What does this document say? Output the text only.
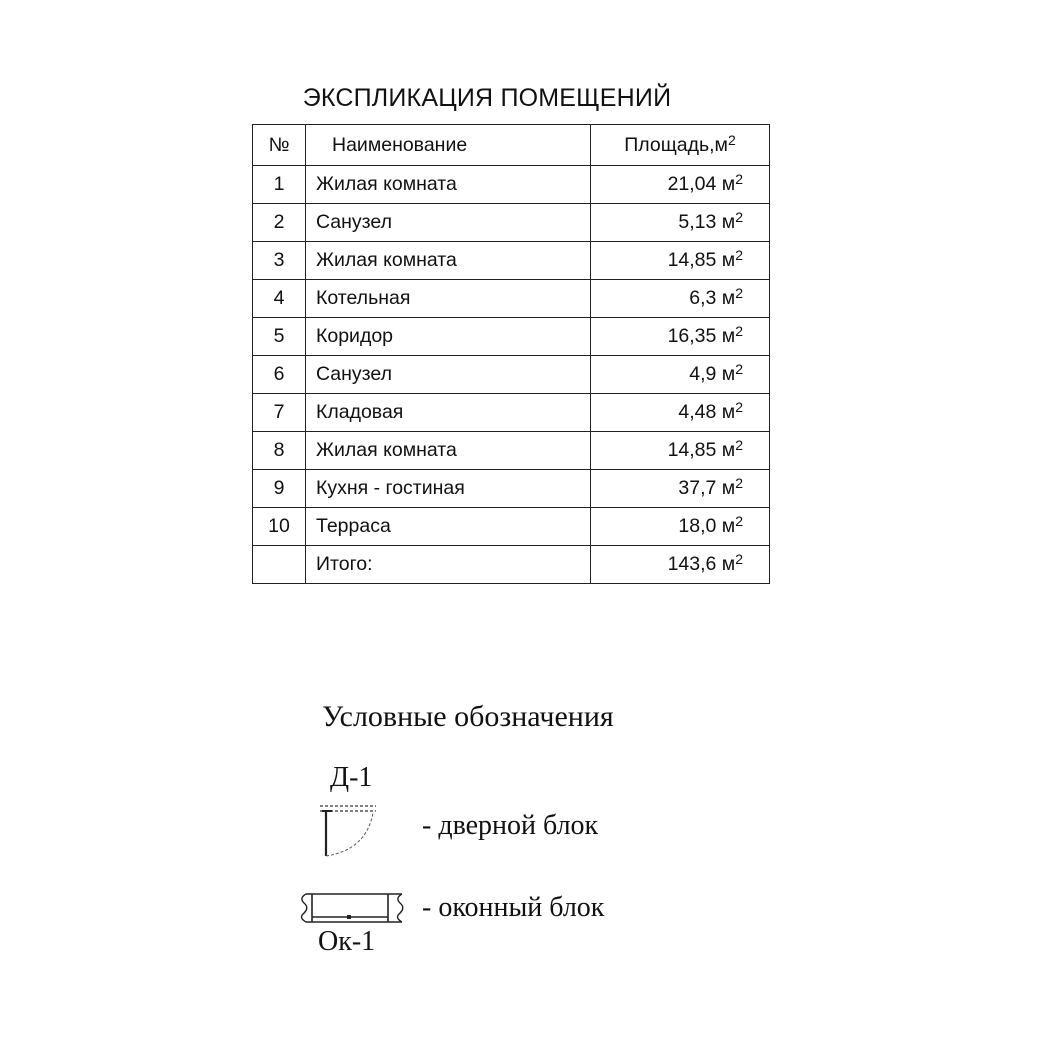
ЭКСПЛИКАЦИЯ ПОМЕЩЕНИЙ
№	Наименование	$Площадь,м^2$
1	Жилая комната	21,04 $м^2$
2	Санузел	5,13 $м^2$
3	Жилая комната	14,85 $м^2$
4	Котельная	6,3 $м^2$
5	Коридор	16,35 $м^2$
6	Санузел	4,9 $м^2$
7	Кладовая	4,48 $м^2$
8	Жилая комната	14,85 $м^2$
9	Кухня - гостиная	37,7 $м^2$
10	Терраса	18,0 $м^2$
	Итого:	143,6 $м^2$
Условные обозначения
Д-1
- дверной блок
- оконный блок
Ок-1
